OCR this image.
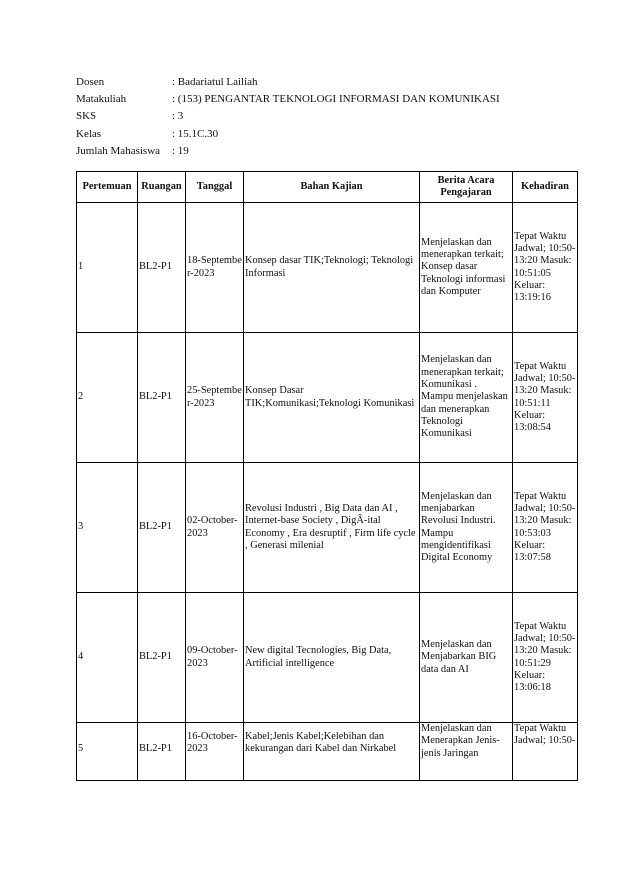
Dosen	: Badariatul Lailiah
Matakuliah	: (153) PENGANTAR TEKNOLOGI INFORMASI DAN KOMUNIKASI
SKS	: 3
Kelas	: 15.1C.30
Jumlah Mahasiswa	: 19
Pertemuan	Ruangan	Tanggal	Bahan Kajian	Berita Acara Pengajaran	Kehadiran
1	BL2-P1	18-September-2023	Konsep dasar TIK;Teknologi; Teknologi Informasi	Menjelaskan dan menerapkan terkait; Konsep dasar Teknologi informasi dan Komputer	Tepat Waktu Jadwal; 10:50-13:20 Masuk: 10:51:05 Keluar: 13:19:16
2	BL2-P1	25-September-2023	Konsep Dasar TIK;Komunikasi;Teknologi Komunikasi	Menjelaskan dan menerapkan terkait; Komunikasi . Mampu menjelaskan dan menerapkan Teknologi Komunikasi	Tepat Waktu Jadwal; 10:50-13:20 Masuk: 10:51:11 Keluar: 13:08:54
3	BL2-P1	02-October-2023	Revolusi Industri , Big Data dan AI , Internet-base Society , DigÂ-ital Economy , Era desruptif , Firm life cycle , Generasi milenial	Menjelaskan dan menjabarkan Revolusi Industri. Mampu mengidentifikasi Digital Economy	Tepat Waktu Jadwal; 10:50-13:20 Masuk: 10:53:03 Keluar: 13:07:58
4	BL2-P1	09-October-2023	New digital Tecnologies, Big Data, Artificial intelligence	Menjelaskan dan Menjabarkan BIG data dan AI	Tepat Waktu Jadwal; 10:50-13:20 Masuk: 10:51:29 Keluar: 13:06:18
5	BL2-P1	16-October-2023	Kabel;Jenis Kabel;Kelebihan dan kekurangan dari Kabel dan Nirkabel	Menjelaskan dan Menerapkan Jenis-jenis Jaringan	Tepat Waktu Jadwal; 10:50-
